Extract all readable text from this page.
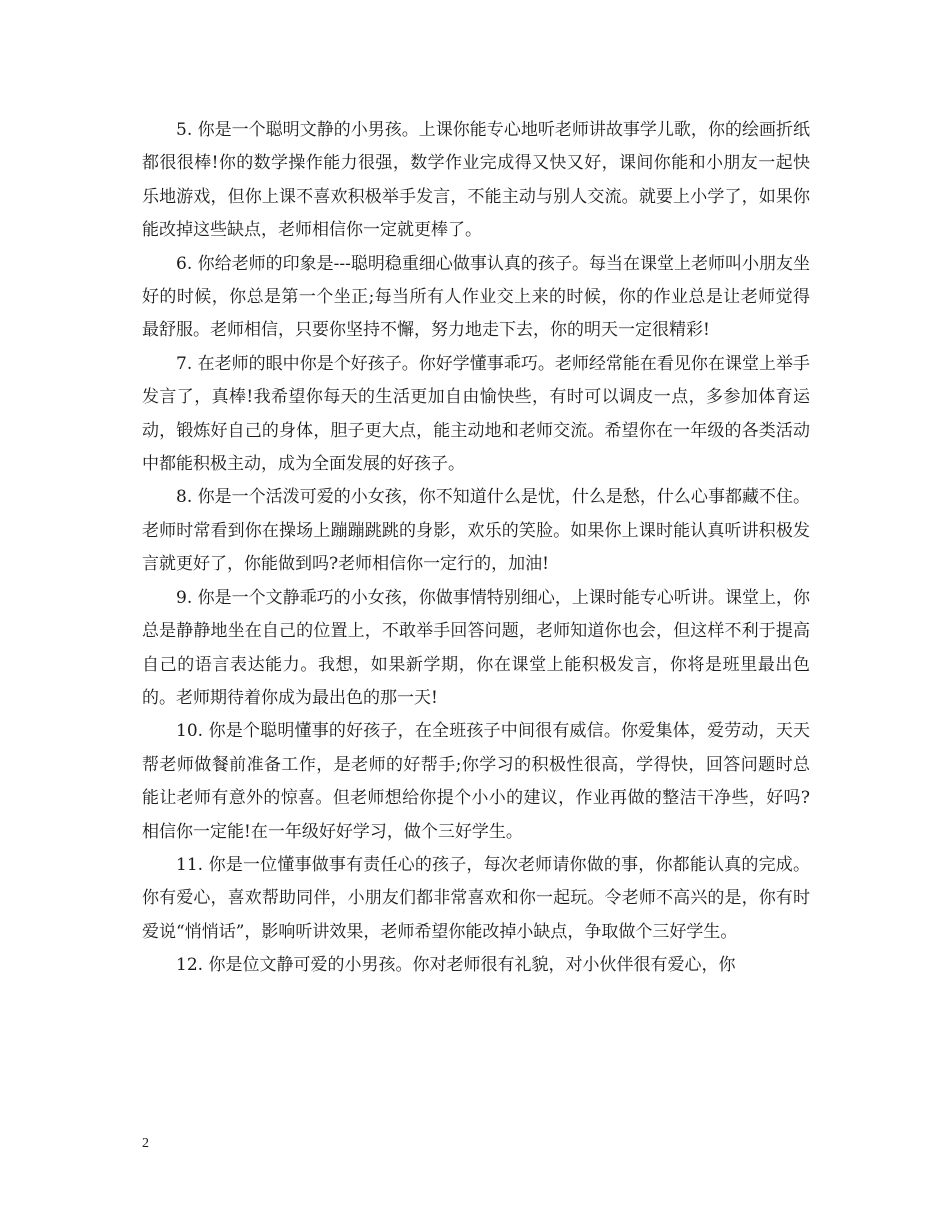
5. 你是一个聪明文静的小男孩。上课你能专心地听老师讲故事学儿歌，你的绘画折纸都很很棒!你的数学操作能力很强，数学作业完成得又快又好，课间你能和小朋友一起快乐地游戏，但你上课不喜欢积极举手发言，不能主动与别人交流。就要上小学了，如果你能改掉这些缺点，老师相信你一定就更棒了。

6. 你给老师的印象是---聪明稳重细心做事认真的孩子。每当在课堂上老师叫小朋友坐好的时候，你总是第一个坐正;每当所有人作业交上来的时候，你的作业总是让老师觉得最舒服。老师相信，只要你坚持不懈，努力地走下去，你的明天一定很精彩!

7. 在老师的眼中你是个好孩子。你好学懂事乖巧。老师经常能在看见你在课堂上举手发言了，真棒!我希望你每天的生活更加自由愉快些，有时可以调皮一点，多参加体育运动，锻炼好自己的身体，胆子更大点，能主动地和老师交流。希望你在一年级的各类活动中都能积极主动，成为全面发展的好孩子。

8. 你是一个活泼可爱的小女孩，你不知道什么是忧，什么是愁，什么心事都藏不住。老师时常看到你在操场上蹦蹦跳跳的身影，欢乐的笑脸。如果你上课时能认真听讲积极发言就更好了，你能做到吗?老师相信你一定行的，加油!

9. 你是一个文静乖巧的小女孩，你做事情特别细心，上课时能专心听讲。课堂上，你总是静静地坐在自己的位置上，不敢举手回答问题，老师知道你也会，但这样不利于提高自己的语言表达能力。我想，如果新学期，你在课堂上能积极发言，你将是班里最出色的。老师期待着你成为最出色的那一天!

10. 你是个聪明懂事的好孩子，在全班孩子中间很有威信。你爱集体，爱劳动，天天帮老师做餐前准备工作，是老师的好帮手;你学习的积极性很高，学得快，回答问题时总能让老师有意外的惊喜。但老师想给你提个小小的建议，作业再做的整洁干净些，好吗?相信你一定能!在一年级好好学习，做个三好学生。

11. 你是一位懂事做事有责任心的孩子，每次老师请你做的事，你都能认真的完成。你有爱心，喜欢帮助同伴，小朋友们都非常喜欢和你一起玩。令老师不高兴的是，你有时爱说“悄悄话”，影响听讲效果，老师希望你能改掉小缺点，争取做个三好学生。

12. 你是位文静可爱的小男孩。你对老师很有礼貌，对小伙伴很有爱心，你

2
